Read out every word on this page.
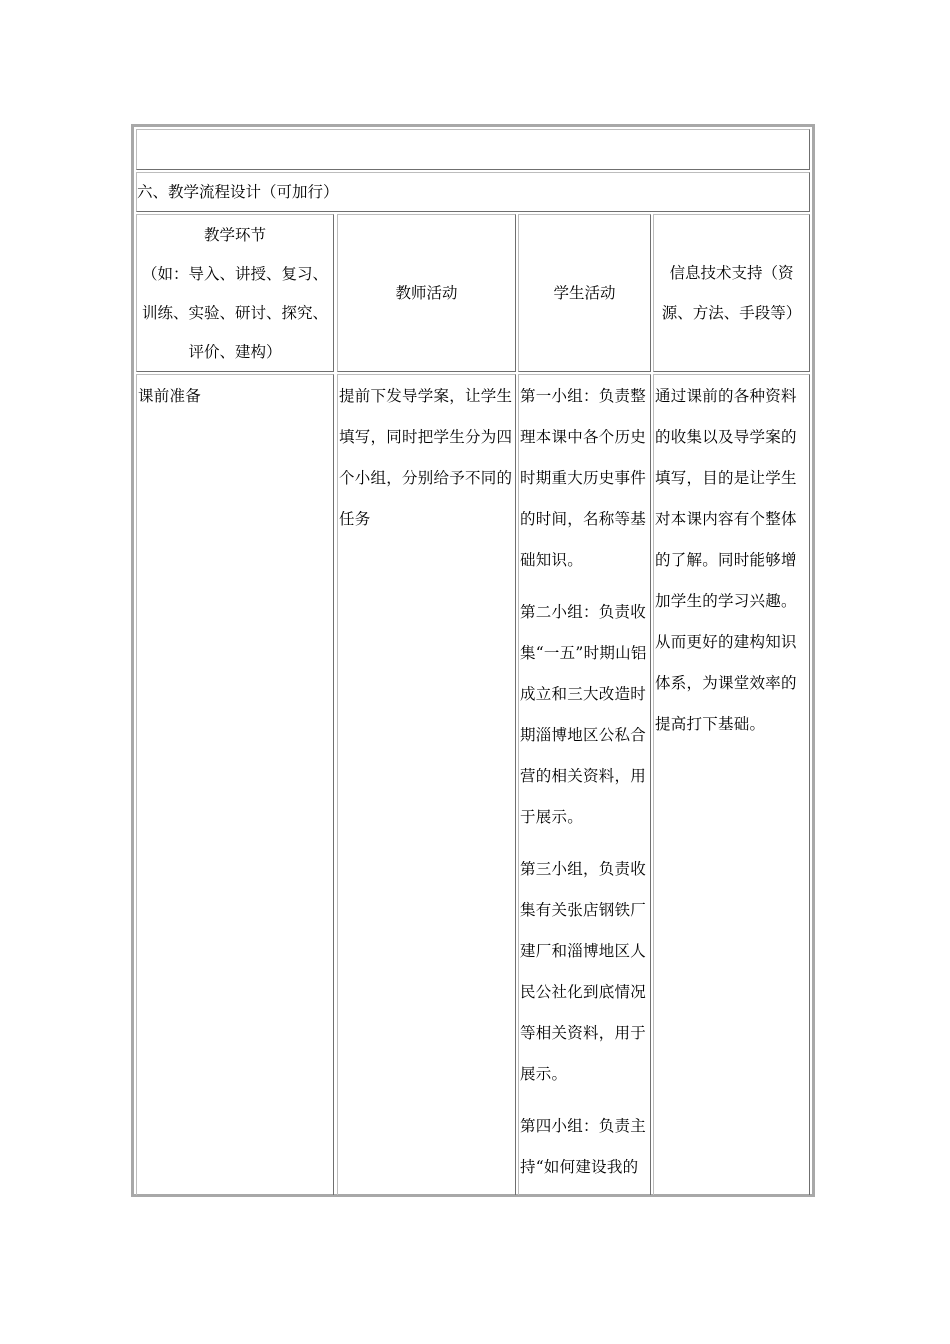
六、教学流程设计（可加行）
教学环节
（如：导入、讲授、复习、
训练、实验、研讨、探究、
评价、建构）
教师活动	学生活动
信息技术支持（资
源、方法、手段等）
课前准备	提前下发导学案，让学生填写，同时把学生分为四个小组，分别给予不同的任务

第一小组：负责整理本课中各个历史时期重大历史事件的时间，名称等基础知识。

第二小组：负责收集“一五”时期山铝成立和三大改造时期淄博地区公私合营的相关资料，用于展示。

第三小组，负责收集有关张店钢铁厂建厂和淄博地区人民公社化到底情况等相关资料，用于展示。

第四小组：负责主持“如何建设我的

通过课前的各种资料的收集以及导学案的填写，目的是让学生对本课内容有个整体的了解。同时能够增加学生的学习兴趣。从而更好的建构知识体系，为课堂效率的提高打下基础。
